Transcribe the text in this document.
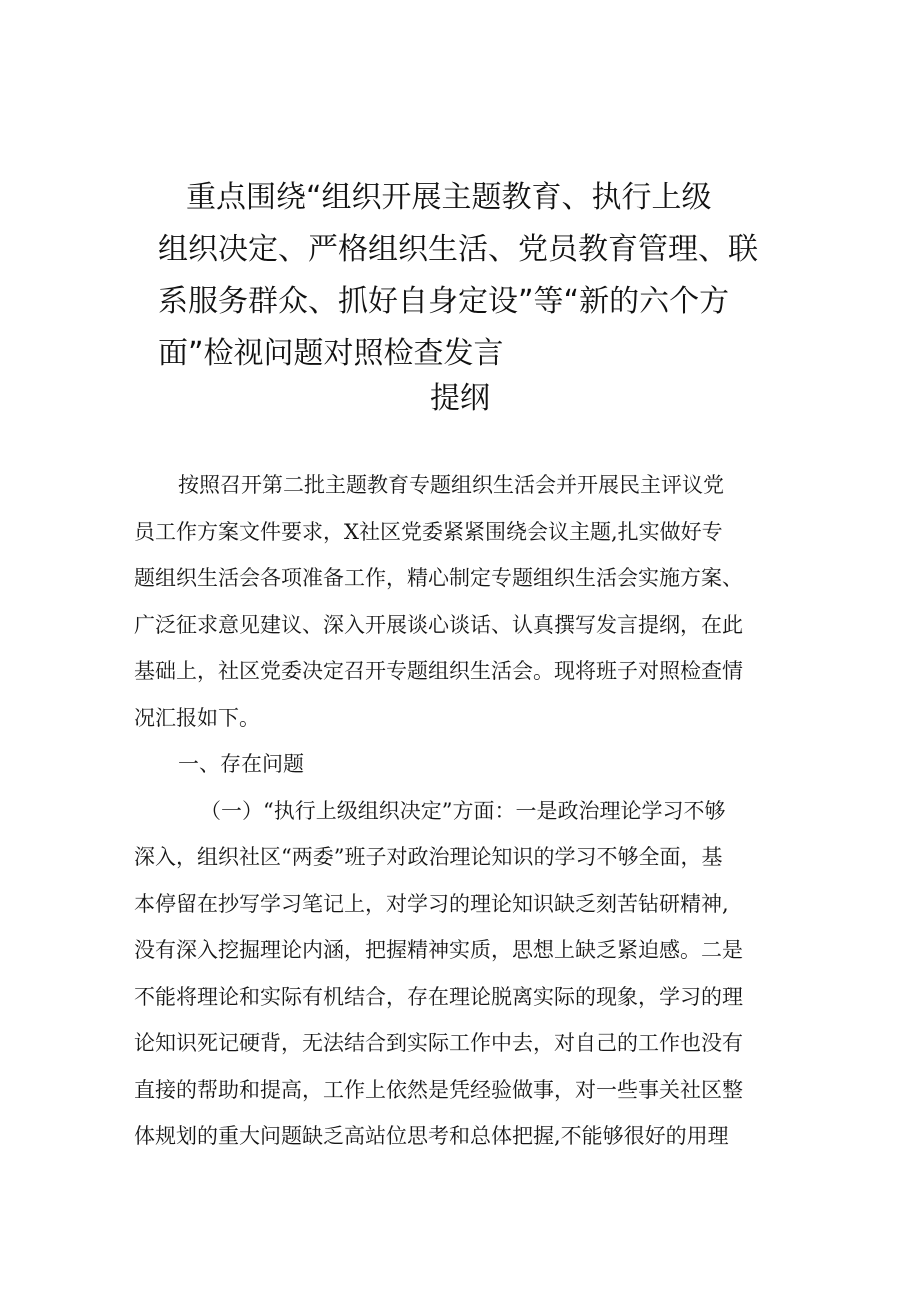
重点围绕“组织开展主题教育、执行上级
组织决定、严格组织生活、党员教育管理、联
系服务群众、抓好自身定设”等“新的六个方
面”检视问题对照检查发言
提纲
按照召开第二批主题教育专题组织生活会并开展民主评议党
员工作方案文件要求，X社区党委紧紧围绕会议主题,扎实做好专
题组织生活会各项准备工作，精心制定专题组织生活会实施方案、
广泛征求意见建议、深入开展谈心谈话、认真撰写发言提纲，在此
基础上，社区党委决定召开专题组织生活会。现将班子对照检查情
况汇报如下。
一、存在问题
（一）“执行上级组织决定”方面：一是政治理论学习不够
深入，组织社区“两委”班子对政治理论知识的学习不够全面，基
本停留在抄写学习笔记上，对学习的理论知识缺乏刻苦钻研精神,
没有深入挖掘理论内涵，把握精神实质，思想上缺乏紧迫感。二是
不能将理论和实际有机结合，存在理论脱离实际的现象，学习的理
论知识死记硬背，无法结合到实际工作中去，对自己的工作也没有
直接的帮助和提高，工作上依然是凭经验做事，对一些事关社区整
体规划的重大问题缺乏高站位思考和总体把握,不能够很好的用理
